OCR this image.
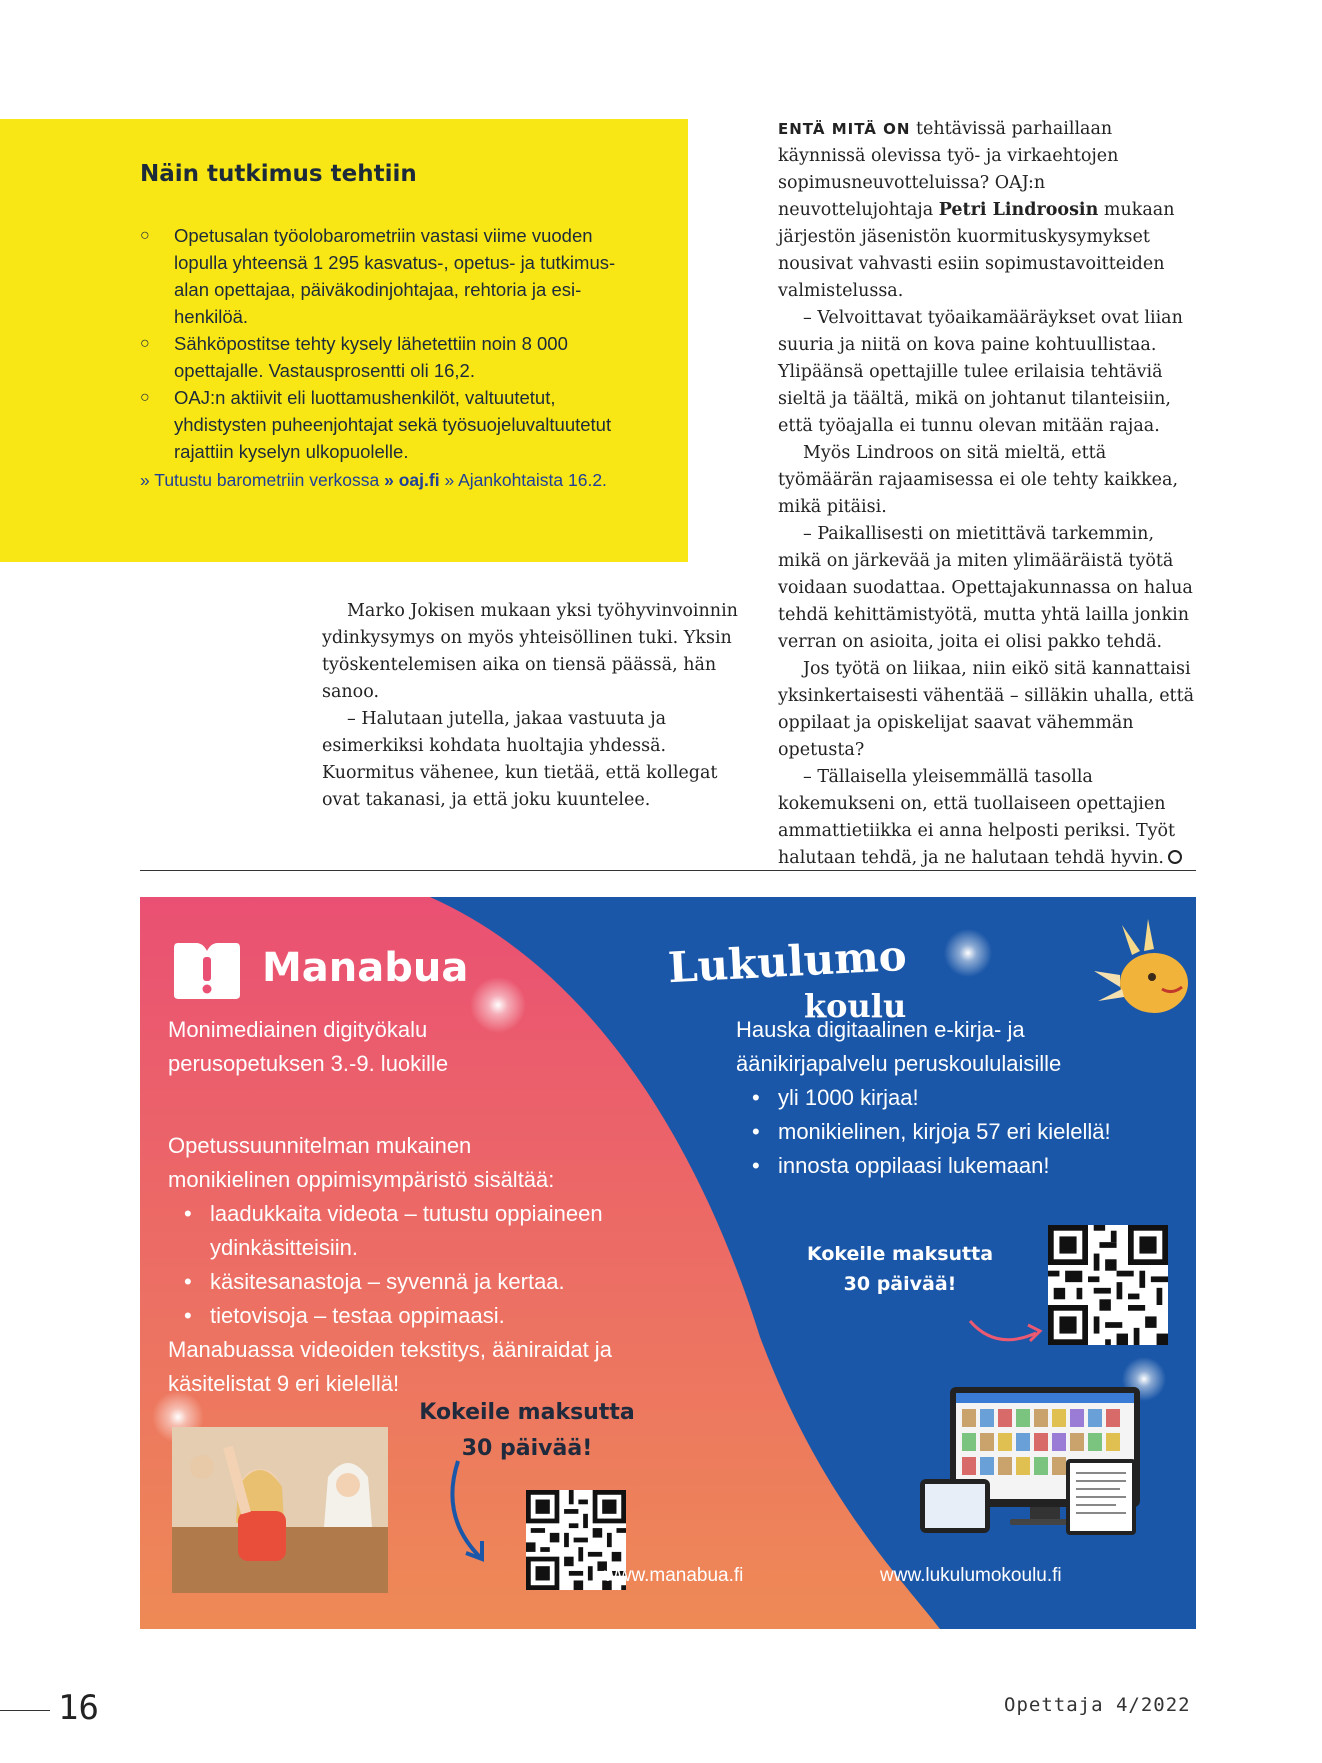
Näin tutkimus tehtiin
○ Opetusalan työolobarometriin vastasi viime vuoden lopulla yhteensä 1 295 kasvatus-, opetus- ja tutkimus-alan opettajaa, päiväkodinjohtajaa, rehtoria ja esi-henkilöä.
○ Sähköpostitse tehty kysely lähetettiin noin 8 000 opettajalle. Vastausprosentti oli 16,2.
○ OAJ:n aktiivit eli luottamushenkilöt, valtuutetut, yhdistysten puheenjohtajat sekä työsuojeluvaltuutetut rajattiin kyselyn ulkopuolelle.
» Tutustu barometriin verkossa » oaj.fi » Ajankohtaista 16.2.

Marko Jokisen mukaan yksi työhyvinvoinnin ydinkysymys on myös yhteisöllinen tuki. Yksin työskentelemisen aika on tiensä päässä, hän sanoo.

– Halutaan jutella, jakaa vastuuta ja esimerkiksi kohdata huoltajia yhdessä. Kuormitus vähenee, kun tietää, että kollegat ovat takanasi, ja että joku kuuntelee.

ENTÄ MITÄ ON tehtävissä parhaillaan käynnissä olevissa työ- ja virkaehtojen sopimusneuvotteluissa? OAJ:n neuvottelujohtaja Petri Lindroosin mukaan järjestön jäsenistön kuormituskysymykset nousivat vahvasti esiin sopimustavoitteiden valmistelussa.

– Velvoittavat työaikamääräykset ovat liian suuria ja niitä on kova paine kohtuullistaa. Ylipäänsä opettajille tulee erilaisia tehtäviä sieltä ja täältä, mikä on johtanut tilanteisiin, että työajalla ei tunnu olevan mitään rajaa.

Myös Lindroos on sitä mieltä, että työmäärän rajaamisessa ei ole tehty kaikkea, mikä pitäisi.

– Paikallisesti on mietittävä tarkemmin, mikä on järkevää ja miten ylimääräistä työtä voidaan suodattaa. Opettajakunnassa on halua tehdä kehittämistyötä, mutta yhtä lailla jonkin verran on asioita, joita ei olisi pakko tehdä.

Jos työtä on liikaa, niin eikö sitä kannattaisi yksinkertaisesti vähentää – silläkin uhalla, että oppilaat ja opiskelijat saavat vähemmän opetusta?

– Tällaisella yleisemmällä tasolla kokemukseni on, että tuollaiseen opettajien ammattietiikka ei anna helposti periksi. Työt halutaan tehdä, ja ne halutaan tehdä hyvin.

Manabua	Lukulumo
koulu
Monimediainen digityökalu
perusopetuksen 3.-9. luokille
Opetussuunnitelman mukainen
monikielinen oppimisympäristö sisältää:
• laadukkaita videota – tutustu oppiaineen ydinkäsitteisiin.
• käsitesanastoja – syvennä ja kertaa.
• tietovisoja – testaa oppimaasi.
Manabuassa videoiden tekstitys, ääniraidat ja
käsitelistat 9 eri kielellä!
Hauska digitaalinen e-kirja- ja
äänikirjapalvelu peruskoululaisille
• yli 1000 kirjaa!
• monikielinen, kirjoja 57 eri kielellä!
• innosta oppilaasi lukemaan!
Kokeile maksutta
30 päivää!
www.lukulumokoulu.fi
Kokeile maksutta
30 päivää!
www.manabua.fi
16	Opettaja 4/2022
